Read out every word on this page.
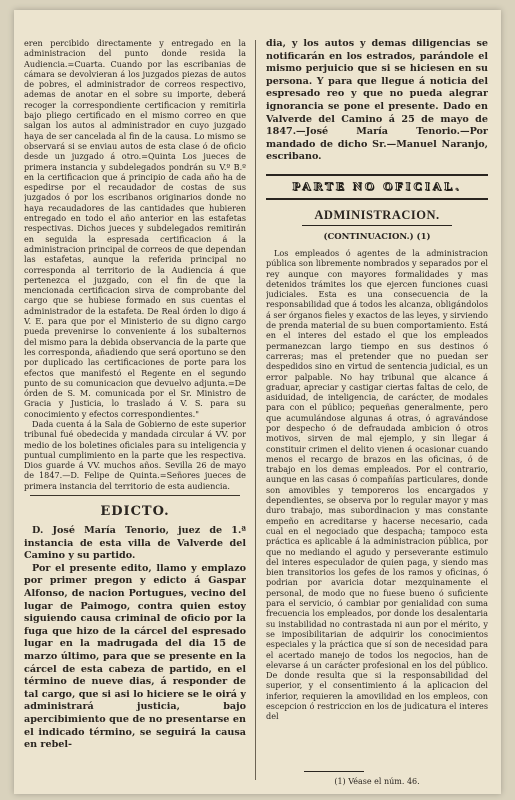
eren percibido directamente y entregado en la administracion del punto donde resida la Audiencia.=Cuarta. Cuando por las escribanias de cámara se devolvieran á los juzgados piezas de autos de pobres, el administrador de correos respectivo, ademas de anotar en el sobre su importe, deberá recoger la correspondiente certificacion y remitirla bajo pliego certificado en el mismo correo en que salgan los autos al administrador en cuyo juzgado haya de ser cancelada al fin de la causa. Lo mismo se observará si se enviau autos de esta clase ó de oficio desde un juzgado á otro.=Quinta Los jueces de primera instancia y subdelegados pondrán su V.º B.º en la certificacion que á principio de cada año ha de espedirse por el recaudador de costas de sus juzgados ó por los escribanos originarios donde no haya recaudadores de las cantidades que hubieren entregado en todo el año anterior en las estafetas respectivas. Dichos jueces y subdelegados remitirán en seguida la espresada certificacion á la administracion principal de correos de que dependan las estafetas, aunque la referida principal no corresponda al territorio de la Audiencia á que pertenezca el juzgado, con el fin de que la mencionada certificacion sirva de comprobante del cargo que se hubiese formado en sus cuentas el administrador de la estafeta. De Real órden lo digo á V. E. para que por el Ministerio de su digno cargo pueda prevenirse lo conveniente á los subalternos del mismo para la debida observancia de la parte que les corresponda, añadiendo que será oportuno se den por duplicado las certificaciones de porte para los efectos que manifestó el Regente en el segundo punto de su comunicacion que devuelvo adjunta.=De órden de S. M. comunicada por el Sr. Ministro de Gracia y Justicia, lo traslado á V. S. para su conocimiento y efectos correspondientes."

Dada cuenta á la Sala de Gobierno de este superior tribunal fué obedecida y mandada circular á VV. por medio de los boletines oficiales para su inteligencia y puntual cumplimiento en la parte que les respectiva. Dios guarde á VV. muchos años. Sevilla 26 de mayo de 1847.—D. Felipe de Quinta.=Señores jueces de primera instancia del territorio de esta audiencia.

EDICTO.

D. José María Tenorio, juez de 1.ª instancia de esta villa de Valverde del Camino y su partido.

Por el presente edito, llamo y emplazo por primer pregon y edicto á Gaspar Alfonso, de nacion Portugues, vecino del lugar de Paimogo, contra quien estoy siguiendo causa criminal de oficio por la fuga que hizo de la cárcel del espresado lugar en la madrugada del dia 15 de marzo último, para que se presente en la cárcel de esta cabeza de partido, en el término de nueve dias, á responder de tal cargo, que si asi lo hiciere se le oirá y administrará justicia, bajo apercibimiento que de no presentarse en el indicado término, se seguirá la causa en rebel-

dia, y los autos y demas diligencias se notificarán en los estrados, parándole el mismo perjuicio que si se hiciesen en su persona. Y para que llegue á noticia del espresado reo y que no pueda alegrar ignorancia se pone el presente. Dado en Valverde del Camino á 25 de mayo de 1847.—José María Tenorio.—Por mandado de dicho Sr.—Manuel Naranjo, escribano.

PARTE NO OFICIAL.
ADMINISTRACION.
(CONTINUACION.) (1)

Los empleados ó agentes de la administracion pública son libremente nombrados y separados por el rey aunque con mayores formalidades y mas detenidos trámites los que ejercen funciones cuasi judiciales. Esta es una consecuencia de la responsabilidad que á todos les alcanza, obligándolos á ser órganos fieles y exactos de las leyes, y sirviendo de prenda material de su buen comportamiento. Está en el interes del estado el que los empleados permanezcan largo tiempo en sus destinos ó carreras; mas el pretender que no puedan ser despedidos sino en virtud de sentencia judicial, es un error palpable. No hay tribunal que alcance á graduar, apreciar y castigar ciertas faltas de celo, de asiduidad, de inteligencia, de carácter, de modales para con el público; pequeñas generalmente, pero que acumulándose algunas á otras, ó agravándose por despecho ó de defraudada ambicion ó otros motivos, sirven de mal ejemplo, y sin llegar á constituir crimen el delito vienen á ocasionar cuando menos el recargo de brazos en las oficinas, ó de trabajo en los demas empleados. Por el contrario, aunque en las casas ó compañías particulares, donde son amovibles y temporeros los encargados y dependientes, se observa por lo regular mayor y mas duro trabajo, mas subordinacion y mas constante empeño en acreditarse y hacerse necesario, cada cual en el negociado que despacha; tampoco esta práctica es aplicable á la administracion pública, por que no mediando el agudo y perseverante estimulo del interes especulador de quien paga, y siendo mas bien transitorios los gefes de los ramos y oficinas, ó podrian por avaricia dotar mezquinamente el personal, de modo que no fuese bueno ó suficiente para el servicio, ó cambiar por genialidad con suma frecuencia los empleados, por donde los desalentaria su instabilidad no contrastada ni aun por el mérito, y se imposibilitarian de adquirir los conocimientos especiales y la práctica que sí son de necesidad para el acertado manejo de todos los negocios, han de elevarse á un carácter profesional en los del público. De donde resulta que si la responsabilidad del superior, y el consentimiento á la aplicacion del inferior, requieren la amovilidad en los empleos, con escepcion ó restriccion en los de judicatura el interes del

(1) Véase el núm. 46.
